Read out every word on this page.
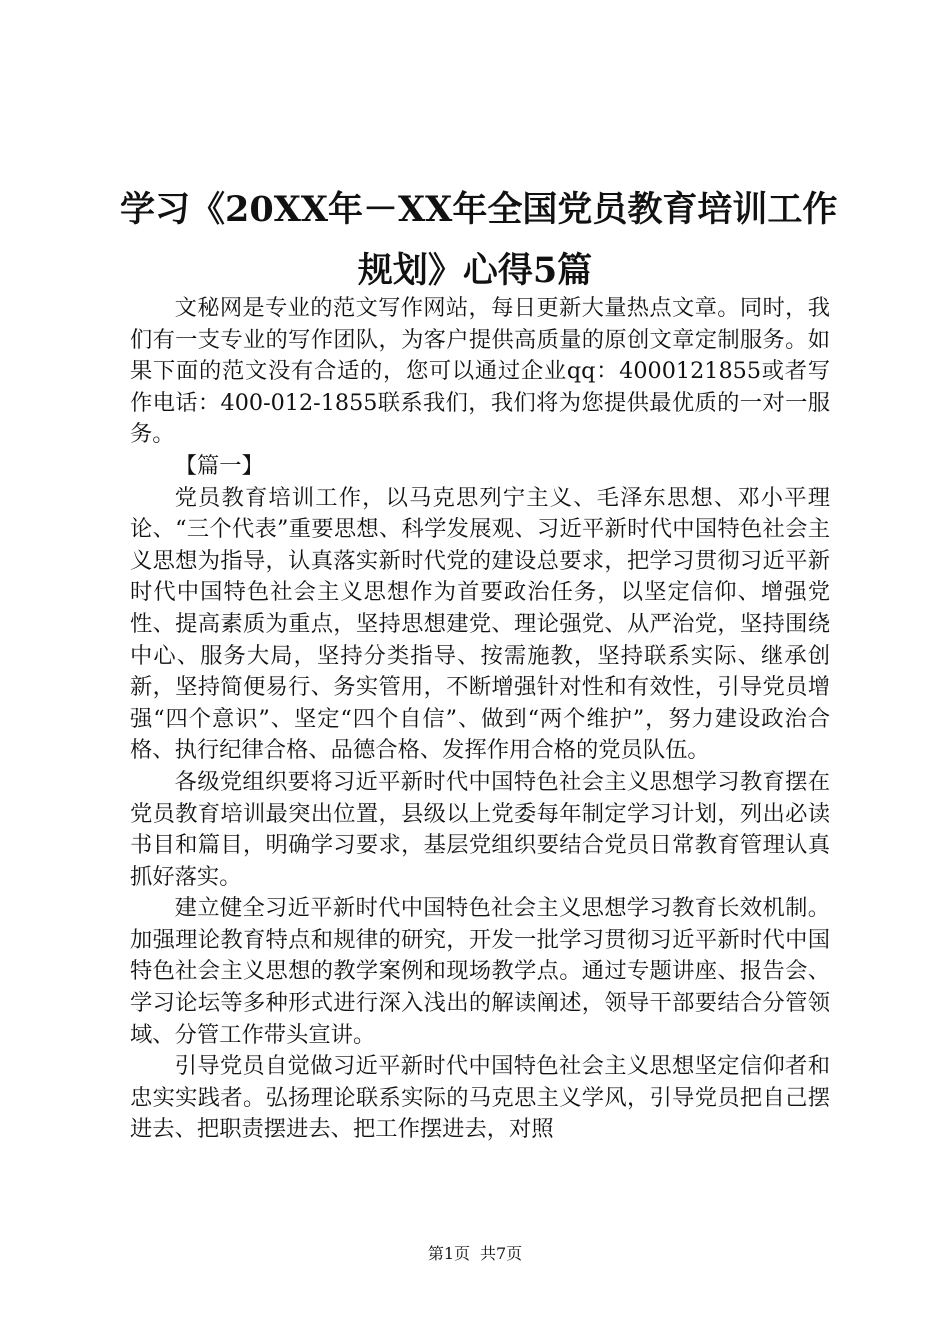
学习《20XX年－XX年全国党员教育培训工作
规划》心得5篇

文秘网是专业的范文写作网站，每日更新大量热点文章。同时，我们有一支专业的写作团队，为客户提供高质量的原创文章定制服务。如果下面的范文没有合适的，您可以通过企业qq：4000121855或者写作电话：400-012-1855联系我们，我们将为您提供最优质的一对一服务。

【篇一】

党员教育培训工作，以马克思列宁主义、毛泽东思想、邓小平理论、“三个代表”重要思想、科学发展观、习近平新时代中国特色社会主义思想为指导，认真落实新时代党的建设总要求，把学习贯彻习近平新时代中国特色社会主义思想作为首要政治任务，以坚定信仰、增强党性、提高素质为重点，坚持思想建党、理论强党、从严治党，坚持围绕中心、服务大局，坚持分类指导、按需施教，坚持联系实际、继承创新，坚持简便易行、务实管用，不断增强针对性和有效性，引导党员增强“四个意识”、坚定“四个自信”、做到“两个维护”，努力建设政治合格、执行纪律合格、品德合格、发挥作用合格的党员队伍。

各级党组织要将习近平新时代中国特色社会主义思想学习教育摆在党员教育培训最突出位置，县级以上党委每年制定学习计划，列出必读书目和篇目，明确学习要求，基层党组织要结合党员日常教育管理认真抓好落实。

建立健全习近平新时代中国特色社会主义思想学习教育长效机制。加强理论教育特点和规律的研究，开发一批学习贯彻习近平新时代中国特色社会主义思想的教学案例和现场教学点。通过专题讲座、报告会、学习论坛等多种形式进行深入浅出的解读阐述，领导干部要结合分管领域、分管工作带头宣讲。

引导党员自觉做习近平新时代中国特色社会主义思想坚定信仰者和忠实实践者。弘扬理论联系实际的马克思主义学风，引导党员把自己摆进去、把职责摆进去、把工作摆进去，对照

第1页 共7页
